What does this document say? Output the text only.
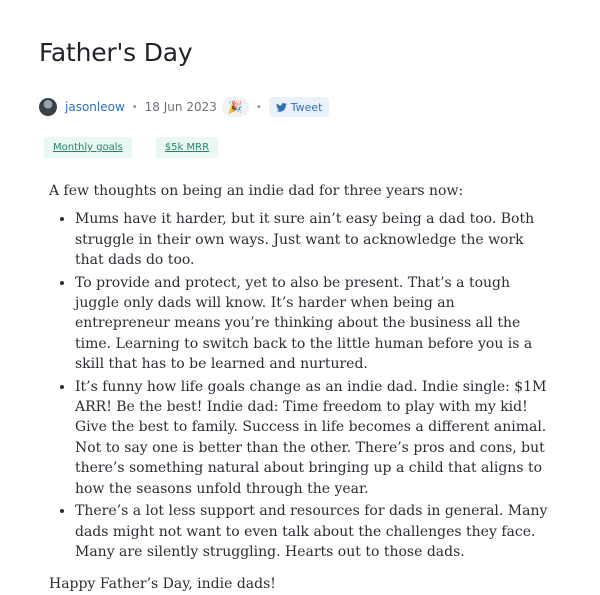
Father's Day
jasonleow • 18 Jun 2023 🎉 •	Tweet
Monthly goals	$5k MRR

A few thoughts on being an indie dad for three years now:

• Mums have it harder, but it sure ain’t easy being a dad too. Both struggle in their own ways. Just want to acknowledge the work that dads do too.
• To provide and protect, yet to also be present. That’s a tough juggle only dads will know. It’s harder when being an entrepreneur means you’re thinking about the business all the time. Learning to switch back to the little human before you is a skill that has to be learned and nurtured.
• It’s funny how life goals change as an indie dad. Indie single: $1M ARR! Be the best! Indie dad: Time freedom to play with my kid! Give the best to family. Success in life becomes a different animal. Not to say one is better than the other. There’s pros and cons, but there’s something natural about bringing up a child that aligns to how the seasons unfold through the year.
• There’s a lot less support and resources for dads in general. Many dads might not want to even talk about the challenges they face. Many are silently struggling. Hearts out to those dads.

Happy Father’s Day, indie dads!
